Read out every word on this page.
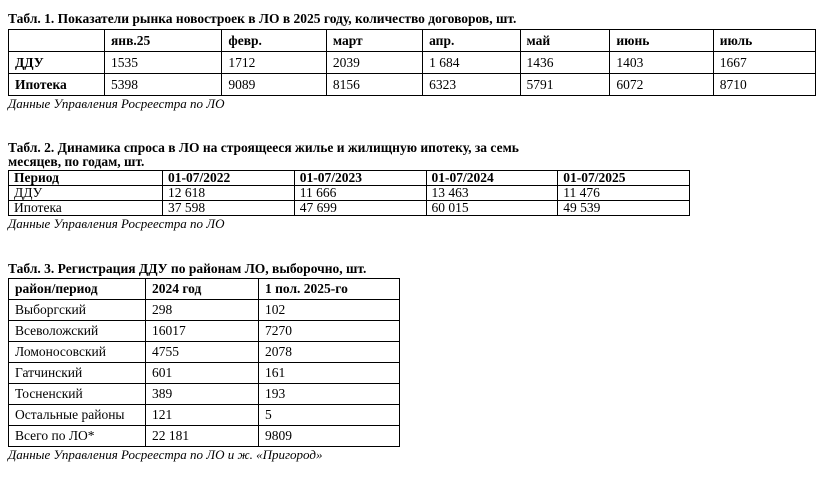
Табл. 1. Показатели рынка новостроек в ЛО в 2025 году, количество договоров, шт.

	янв.25	февр.	март	апр.	май	июнь	июль
ДДУ	1535	1712	2039	1 684	1436	1403	1667
Ипотека	5398	9089	8156	6323	5791	6072	8710

Данные Управления Росреестра по ЛО

Табл. 2. Динамика спроса в ЛО на строящееся жилье и жилищную ипотеку, за семь

месяцев, по годам, шт.

Период	01-07/2022	01-07/2023	01-07/2024	01-07/2025
ДДУ	12 618	11 666	13 463	11 476
Ипотека	37 598	47 699	60 015	49 539

Данные Управления Росреестра по ЛО

Табл. 3. Регистрация ДДУ по районам ЛО, выборочно, шт.

район/период	2024 год	1 пол. 2025-го
Выборгский	298	102
Всеволожский	16017	7270
Ломоносовский	4755	2078
Гатчинский	601	161
Тосненский	389	193
Остальные районы	121	5
Всего по ЛО*	22 181	9809

Данные Управления Росреестра по ЛО и ж. «Пригород»
